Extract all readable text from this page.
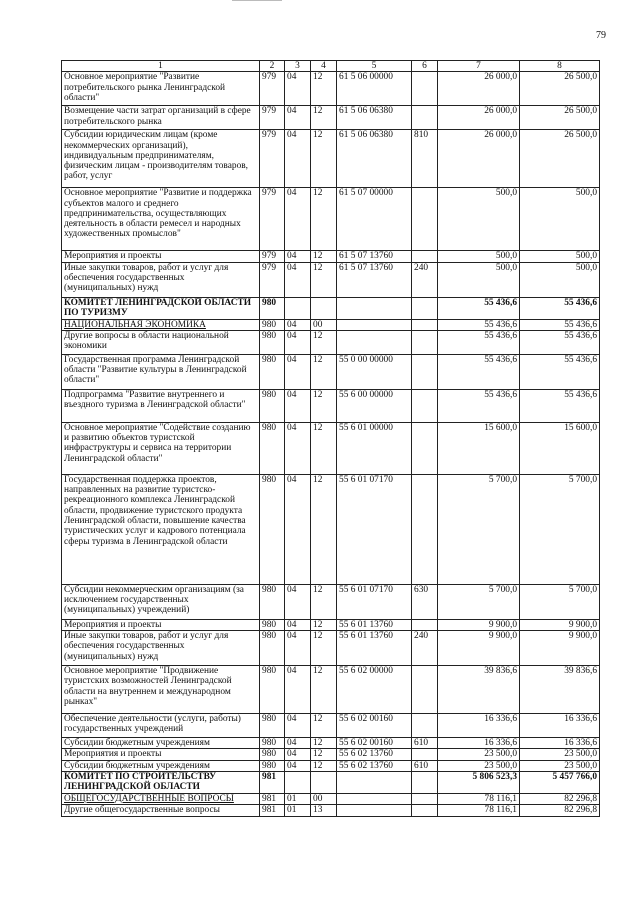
79
1	2	3	4	5	6	7	8
Основное мероприятие "Развитие потребительского рынка Ленинградской области"	979	04	12	61 5 06 00000		26 000,0	26 500,0
Возмещение части затрат организаций в сфере потребительского рынка	979	04	12	61 5 06 06380		26 000,0	26 500,0
Субсидии юридическим лицам (кроме некоммерческих организаций), индивидуальным предпринимателям, физическим лицам - производителям товаров, работ, услуг	979	04	12	61 5 06 06380	810	26 000,0	26 500,0
Основное мероприятие "Развитие и поддержка субъектов малого и среднего предпринимательства, осуществляющих деятельность в области ремесел и народных художественных промыслов"	979	04	12	61 5 07 00000		500,0	500,0
Мероприятия и проекты	979	04	12	61 5 07 13760		500,0	500,0
Иные закупки товаров, работ и услуг для обеспечения государственных (муниципальных) нужд	979	04	12	61 5 07 13760	240	500,0	500,0
КОМИТЕТ ЛЕНИНГРАДСКОЙ ОБЛАСТИ ПО ТУРИЗМУ	980					55 436,6	55 436,6
НАЦИОНАЛЬНАЯ ЭКОНОМИКА	980	04	00			55 436,6	55 436,6
Другие вопросы в области национальной экономики	980	04	12			55 436,6	55 436,6
Государственная программа Ленинградской области "Развитие культуры в Ленинградской области"	980	04	12	55 0 00 00000		55 436,6	55 436,6
Подпрограмма "Развитие внутреннего и въездного туризма в Ленинградской области"	980	04	12	55 6 00 00000		55 436,6	55 436,6
Основное мероприятие "Содействие созданию и развитию объектов туристской инфраструктуры и сервиса на территории Ленинградской области"	980	04	12	55 6 01 00000		15 600,0	15 600,0
Государственная поддержка проектов, направленных на развитие туристско-рекреационного комплекса Ленинградской области, продвижение туристского продукта Ленинградской области, повышение качества туристических услуг и кадрового потенциала сферы туризма в Ленинградской области	980	04	12	55 6 01 07170		5 700,0	5 700,0
Субсидии некоммерческим организациям (за исключением государственных (муниципальных) учреждений)	980	04	12	55 6 01 07170	630	5 700,0	5 700,0
Мероприятия и проекты	980	04	12	55 6 01 13760		9 900,0	9 900,0
Иные закупки товаров, работ и услуг для обеспечения государственных (муниципальных) нужд	980	04	12	55 6 01 13760	240	9 900,0	9 900,0
Основное мероприятие "Продвижение туристских возможностей Ленинградской области на внутреннем и международном рынках"	980	04	12	55 6 02 00000		39 836,6	39 836,6
Обеспечение деятельности (услуги, работы) государственных учреждений	980	04	12	55 6 02 00160		16 336,6	16 336,6
Субсидии бюджетным учреждениям	980	04	12	55 6 02 00160	610	16 336,6	16 336,6
Мероприятия и проекты	980	04	12	55 6 02 13760		23 500,0	23 500,0
Субсидии бюджетным учреждениям	980	04	12	55 6 02 13760	610	23 500,0	23 500,0
КОМИТЕТ ПО СТРОИТЕЛЬСТВУ ЛЕНИНГРАДСКОЙ ОБЛАСТИ	981					5 806 523,3	5 457 766,0
ОБЩЕГОСУДАРСТВЕННЫЕ ВОПРОСЫ	981	01	00			78 116,1	82 296,8
Другие общегосударственные вопросы	981	01	13			78 116,1	82 296,8
